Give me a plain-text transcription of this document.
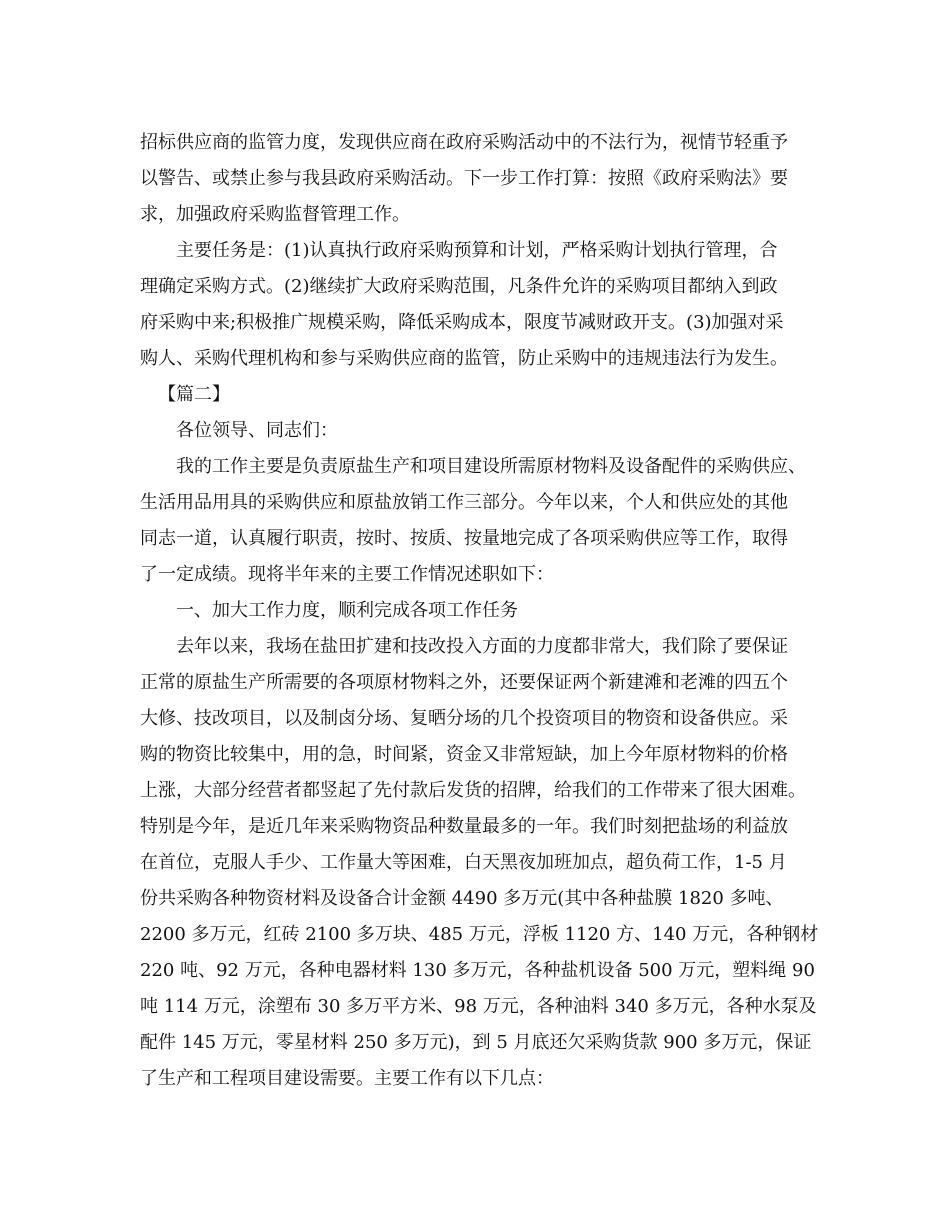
招标供应商的监管力度，发现供应商在政府采购活动中的不法行为，视情节轻重予
以警告、或禁止参与我县政府采购活动。下一步工作打算：按照《政府采购法》要
求，加强政府采购监督管理工作。
主要任务是：(1)认真执行政府采购预算和计划，严格采购计划执行管理，合
理确定采购方式。(2)继续扩大政府采购范围，凡条件允许的采购项目都纳入到政
府采购中来;积极推广规模采购，降低采购成本，限度节减财政开支。(3)加强对采
购人、采购代理机构和参与采购供应商的监管，防止采购中的违规违法行为发生。
【篇二】
各位领导、同志们：
我的工作主要是负责原盐生产和项目建设所需原材物料及设备配件的采购供应、
生活用品用具的采购供应和原盐放销工作三部分。今年以来，个人和供应处的其他
同志一道，认真履行职责，按时、按质、按量地完成了各项采购供应等工作，取得
了一定成绩。现将半年来的主要工作情况述职如下：
一、加大工作力度，顺利完成各项工作任务
去年以来，我场在盐田扩建和技改投入方面的力度都非常大，我们除了要保证
正常的原盐生产所需要的各项原材物料之外，还要保证两个新建滩和老滩的四五个
大修、技改项目，以及制卤分场、复晒分场的几个投资项目的物资和设备供应。采
购的物资比较集中，用的急，时间紧，资金又非常短缺，加上今年原材物料的价格
上涨，大部分经营者都竖起了先付款后发货的招牌，给我们的工作带来了很大困难。
特别是今年，是近几年来采购物资品种数量最多的一年。我们时刻把盐场的利益放
在首位，克服人手少、工作量大等困难，白天黑夜加班加点，超负荷工作，1-5 月
份共采购各种物资材料及设备合计金额 4490 多万元(其中各种盐膜 1820 多吨、
2200 多万元，红砖 2100 多万块、485 万元，浮板 1120 方、140 万元，各种钢材
220 吨、92 万元，各种电器材料 130 多万元，各种盐机设备 500 万元，塑料绳 90
吨 114 万元，涂塑布 30 多万平方米、98 万元，各种油料 340 多万元，各种水泵及
配件 145 万元，零星材料 250 多万元)，到 5 月底还欠采购货款 900 多万元，保证
了生产和工程项目建设需要。主要工作有以下几点：
